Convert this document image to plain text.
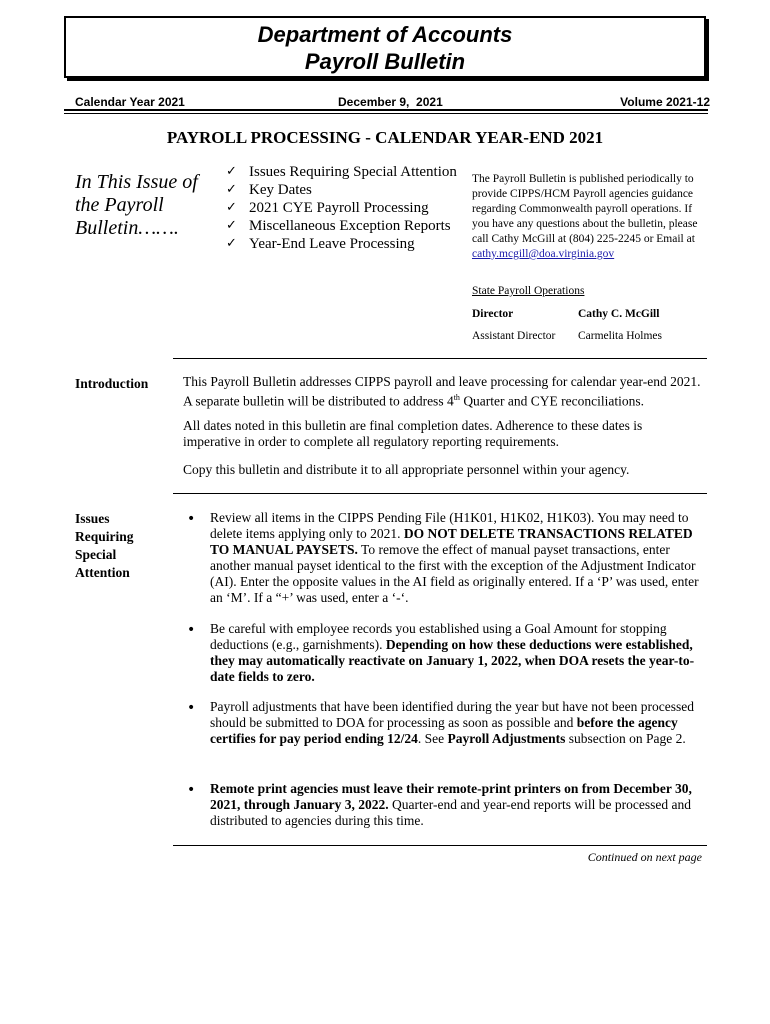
Department of Accounts
Payroll Bulletin
Calendar Year 2021	December 9,  2021	Volume 2021-12
PAYROLL PROCESSING - CALENDAR YEAR-END 2021
In This Issue of the Payroll Bulletin…….
✓ Issues Requiring Special Attention
✓ Key Dates
✓ 2021 CYE Payroll Processing
✓ Miscellaneous Exception Reports
✓ Year-End Leave Processing
The Payroll Bulletin is published periodically to provide CIPPS/HCM Payroll agencies guidance regarding Commonwealth payroll operations. If you have any questions about the bulletin, please call Cathy McGill at (804) 225-2245 or Email at cathy.mcgill@doa.virginia.gov
State Payroll Operations
Director	Cathy C. McGill
Assistant Director Carmelita Holmes
Introduction	This Payroll Bulletin addresses CIPPS payroll and leave processing for calendar year-end 2021. A separate bulletin will be distributed to address 4th Quarter and CYE reconciliations.

All dates noted in this bulletin are final completion dates. Adherence to these dates is imperative in order to complete all regulatory reporting requirements.

Copy this bulletin and distribute it to all appropriate personnel within your agency.

Issues
Requiring
Special
Attention
• Review all items in the CIPPS Pending File (H1K01, H1K02, H1K03). You may need to delete items applying only to 2021. DO NOT DELETE TRANSACTIONS RELATED TO MANUAL PAYSETS. To remove the effect of manual payset transactions, enter another manual payset identical to the first with the exception of the Adjustment Indicator (AI). Enter the opposite values in the AI field as originally entered. If a ‘P’ was used, enter an ‘M’. If a “+’ was used, enter a ‘-‘.
• Be careful with employee records you established using a Goal Amount for stopping deductions (e.g., garnishments). Depending on how these deductions were established, they may automatically reactivate on January 1, 2022, when DOA resets the year-to-date fields to zero.
• Payroll adjustments that have been identified during the year but have not been processed should be submitted to DOA for processing as soon as possible and before the agency certifies for pay period ending 12/24. See Payroll Adjustments subsection on Page 2.
• Remote print agencies must leave their remote-print printers on from December 30, 2021, through January 3, 2022. Quarter-end and year-end reports will be processed and distributed to agencies during this time.
Continued on next page
